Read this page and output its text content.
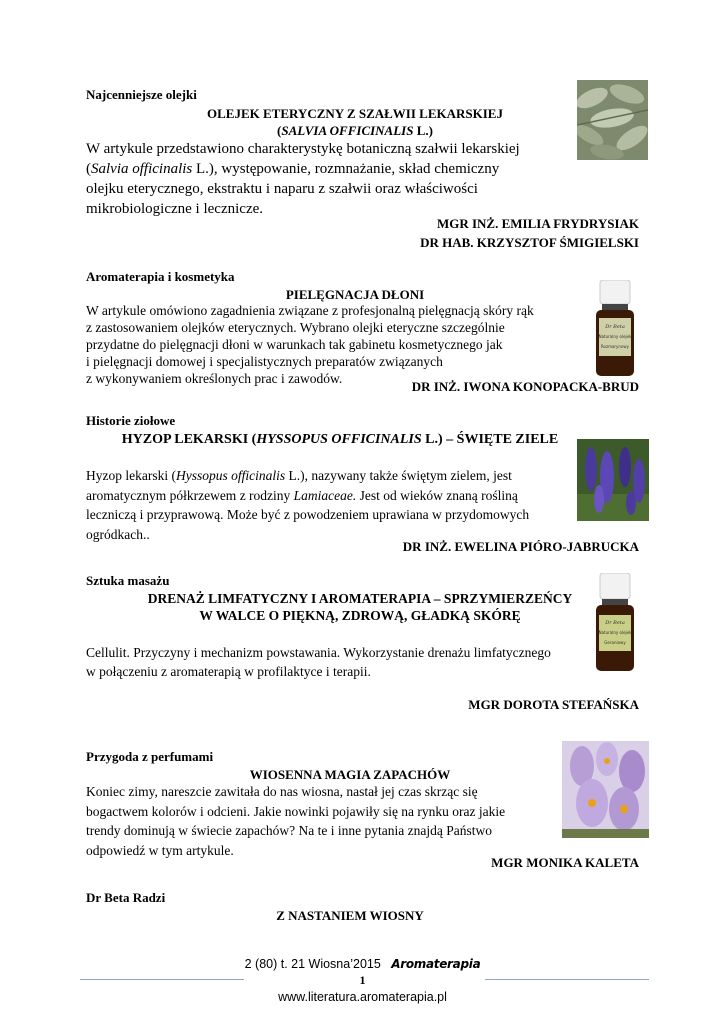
Najcenniejsze olejki
OLEJEK ETERYCZNY Z SZAŁWII LEKARSKIEJ
(SALVIA OFFICINALIS L.)
W artykule przedstawiono charakterystykę botaniczną szałwii lekarskiej
(Salvia officinalis L.), występowanie, rozmnażanie, skład chemiczny
olejku eterycznego, ekstraktu i naparu z szałwii oraz właściwości
mikrobiologiczne i lecznicze.
MGR INŻ. EMILIA FRYDRYSIAK
DR HAB. KRZYSZTOF ŚMIGIELSKI
Aromaterapia i kosmetyka
PIELĘGNACJA DŁONI
W artykule omówiono zagadnienia związane z profesjonalną pielęgnacją skóry rąk
z zastosowaniem olejków eterycznych. Wybrano olejki eteryczne szczególnie
przydatne do pielęgnacji dłoni w warunkach tak gabinetu kosmetycznego jak
i pielęgnacji domowej i specjalistycznych preparatów związanych
z wykonywaniem określonych prac i zawodów.
DR INŻ. IWONA KONOPACKA-BRUD
Dr Beta
Naturalny olejek
Rozmarynowy
Historie ziołowe
HYZOP LEKARSKI (HYSSOPUS OFFICINALIS L.) – ŚWIĘTE ZIELE
Hyzop lekarski (Hyssopus officinalis L.), nazywany także świętym zielem, jest
aromatycznym półkrzewem z rodziny Lamiaceae. Jest od wieków znaną rośliną
leczniczą i przyprawową. Może być z powodzeniem uprawiana w przydomowych
ogródkach..
DR INŻ. EWELINA PIÓRO-JABRUCKA
Sztuka masażu
DRENAŻ LIMFATYCZNY I AROMATERAPIA – SPRZYMIERZEŃCY
W WALCE O PIĘKNĄ, ZDROWĄ, GŁADKĄ SKÓRĘ
Cellulit. Przyczyny i mechanizm powstawania. Wykorzystanie drenażu limfatycznego
w połączeniu z aromaterapią w profilaktyce i terapii.
MGR DOROTA STEFAŃSKA
Dr Beta
Naturalny olejek
Geraniowy
Przygoda z perfumami
WIOSENNA MAGIA ZAPACHÓW
Koniec zimy, nareszcie zawitała do nas wiosna, nastał jej czas skrząc się
bogactwem kolorów i odcieni. Jakie nowinki pojawiły się na rynku oraz jakie
trendy dominują w świecie zapachów? Na te i inne pytania znajdą Państwo
odpowiedź w tym artykule.
MGR MONIKA KALETA
Dr Beta Radzi
Z NASTANIEM WIOSNY
2 (80) t. 21 Wiosna’2015 Aromaterapia
1
www.literatura.aromaterapia.pl
